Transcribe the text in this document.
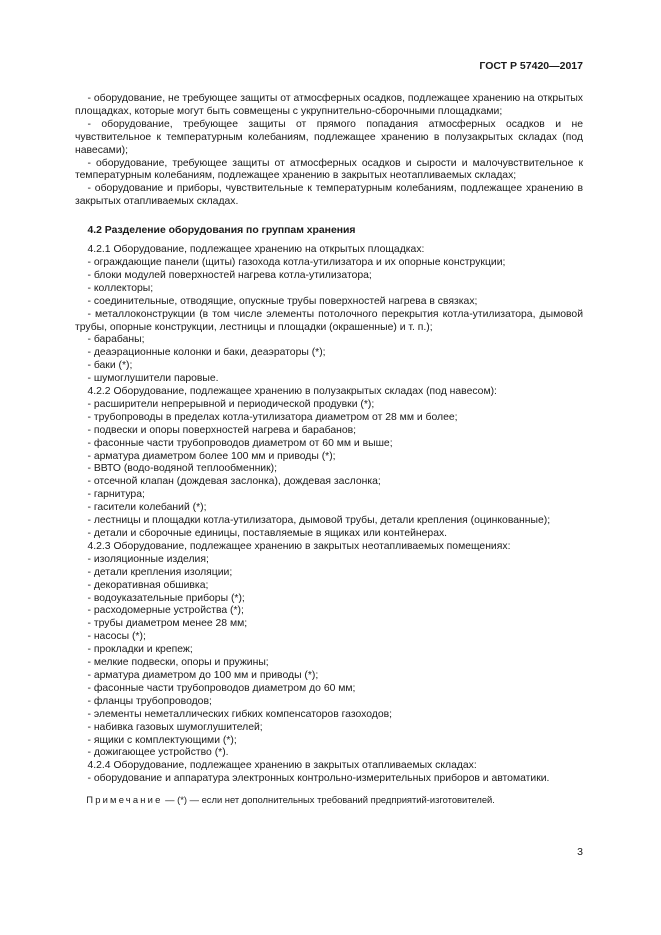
ГОСТ Р 57420—2017

- оборудование, не требующее защиты от атмосферных осадков, подлежащее хранению на открытых площадках, которые могут быть совмещены с укрупнительно-сборочными площадками;

- оборудование, требующее защиты от прямого попадания атмосферных осадков и не чувствительное к температурным колебаниям, подлежащее хранению в полузакрытых складах (под навесами);

- оборудование, требующее защиты от атмосферных осадков и сырости и малочувствительное к температурным колебаниям, подлежащее хранению в закрытых неотапливаемых складах;

- оборудование и приборы, чувствительные к температурным колебаниям, подлежащее хранению в закрытых отапливаемых складах.

4.2 Разделение оборудования по группам хранения

4.2.1 Оборудование, подлежащее хранению на открытых площадках:

- ограждающие панели (щиты) газохода котла-утилизатора и их опорные конструкции;

- блоки модулей поверхностей нагрева котла-утилизатора;

- коллекторы;

- соединительные, отводящие, опускные трубы поверхностей нагрева в связках;

- металлоконструкции (в том числе элементы потолочного перекрытия котла-утилизатора, дымовой трубы, опорные конструкции, лестницы и площадки (окрашенные) и т. п.);

- барабаны;

- деаэрационные колонки и баки, деаэраторы (*);

- баки (*);

- шумоглушители паровые.

4.2.2 Оборудование, подлежащее хранению в полузакрытых складах (под навесом):

- расширители непрерывной и периодической продувки (*);

- трубопроводы в пределах котла-утилизатора диаметром от 28 мм и более;

- подвески и опоры поверхностей нагрева и барабанов;

- фасонные части трубопроводов диаметром от 60 мм и выше;

- арматура диаметром более 100 мм и приводы (*);

- ВВТО (водо-водяной теплообменник);

- отсечной клапан (дождевая заслонка), дождевая заслонка;

- гарнитура;

- гасители колебаний (*);

- лестницы и площадки котла-утилизатора, дымовой трубы, детали крепления (оцинкованные);

- детали и сборочные единицы, поставляемые в ящиках или контейнерах.

4.2.3 Оборудование, подлежащее хранению в закрытых неотапливаемых помещениях:

- изоляционные изделия;

- детали крепления изоляции;

- декоративная обшивка;

- водоуказательные приборы (*);

- расходомерные устройства (*);

- трубы диаметром менее 28 мм;

- насосы (*);

- прокладки и крепеж;

- мелкие подвески, опоры и пружины;

- арматура диаметром до 100 мм и приводы (*);

- фасонные части трубопроводов диаметром до 60 мм;

- фланцы трубопроводов;

- элементы неметаллических гибких компенсаторов газоходов;

- набивка газовых шумоглушителей;

- ящики с комплектующими (*);

- дожигающее устройство (*).

4.2.4 Оборудование, подлежащее хранению в закрытых отапливаемых складах:

- оборудование и аппаратура электронных контрольно-измерительных приборов и автоматики.

Примечание — (*) — если нет дополнительных требований предприятий-изготовителей.

3
